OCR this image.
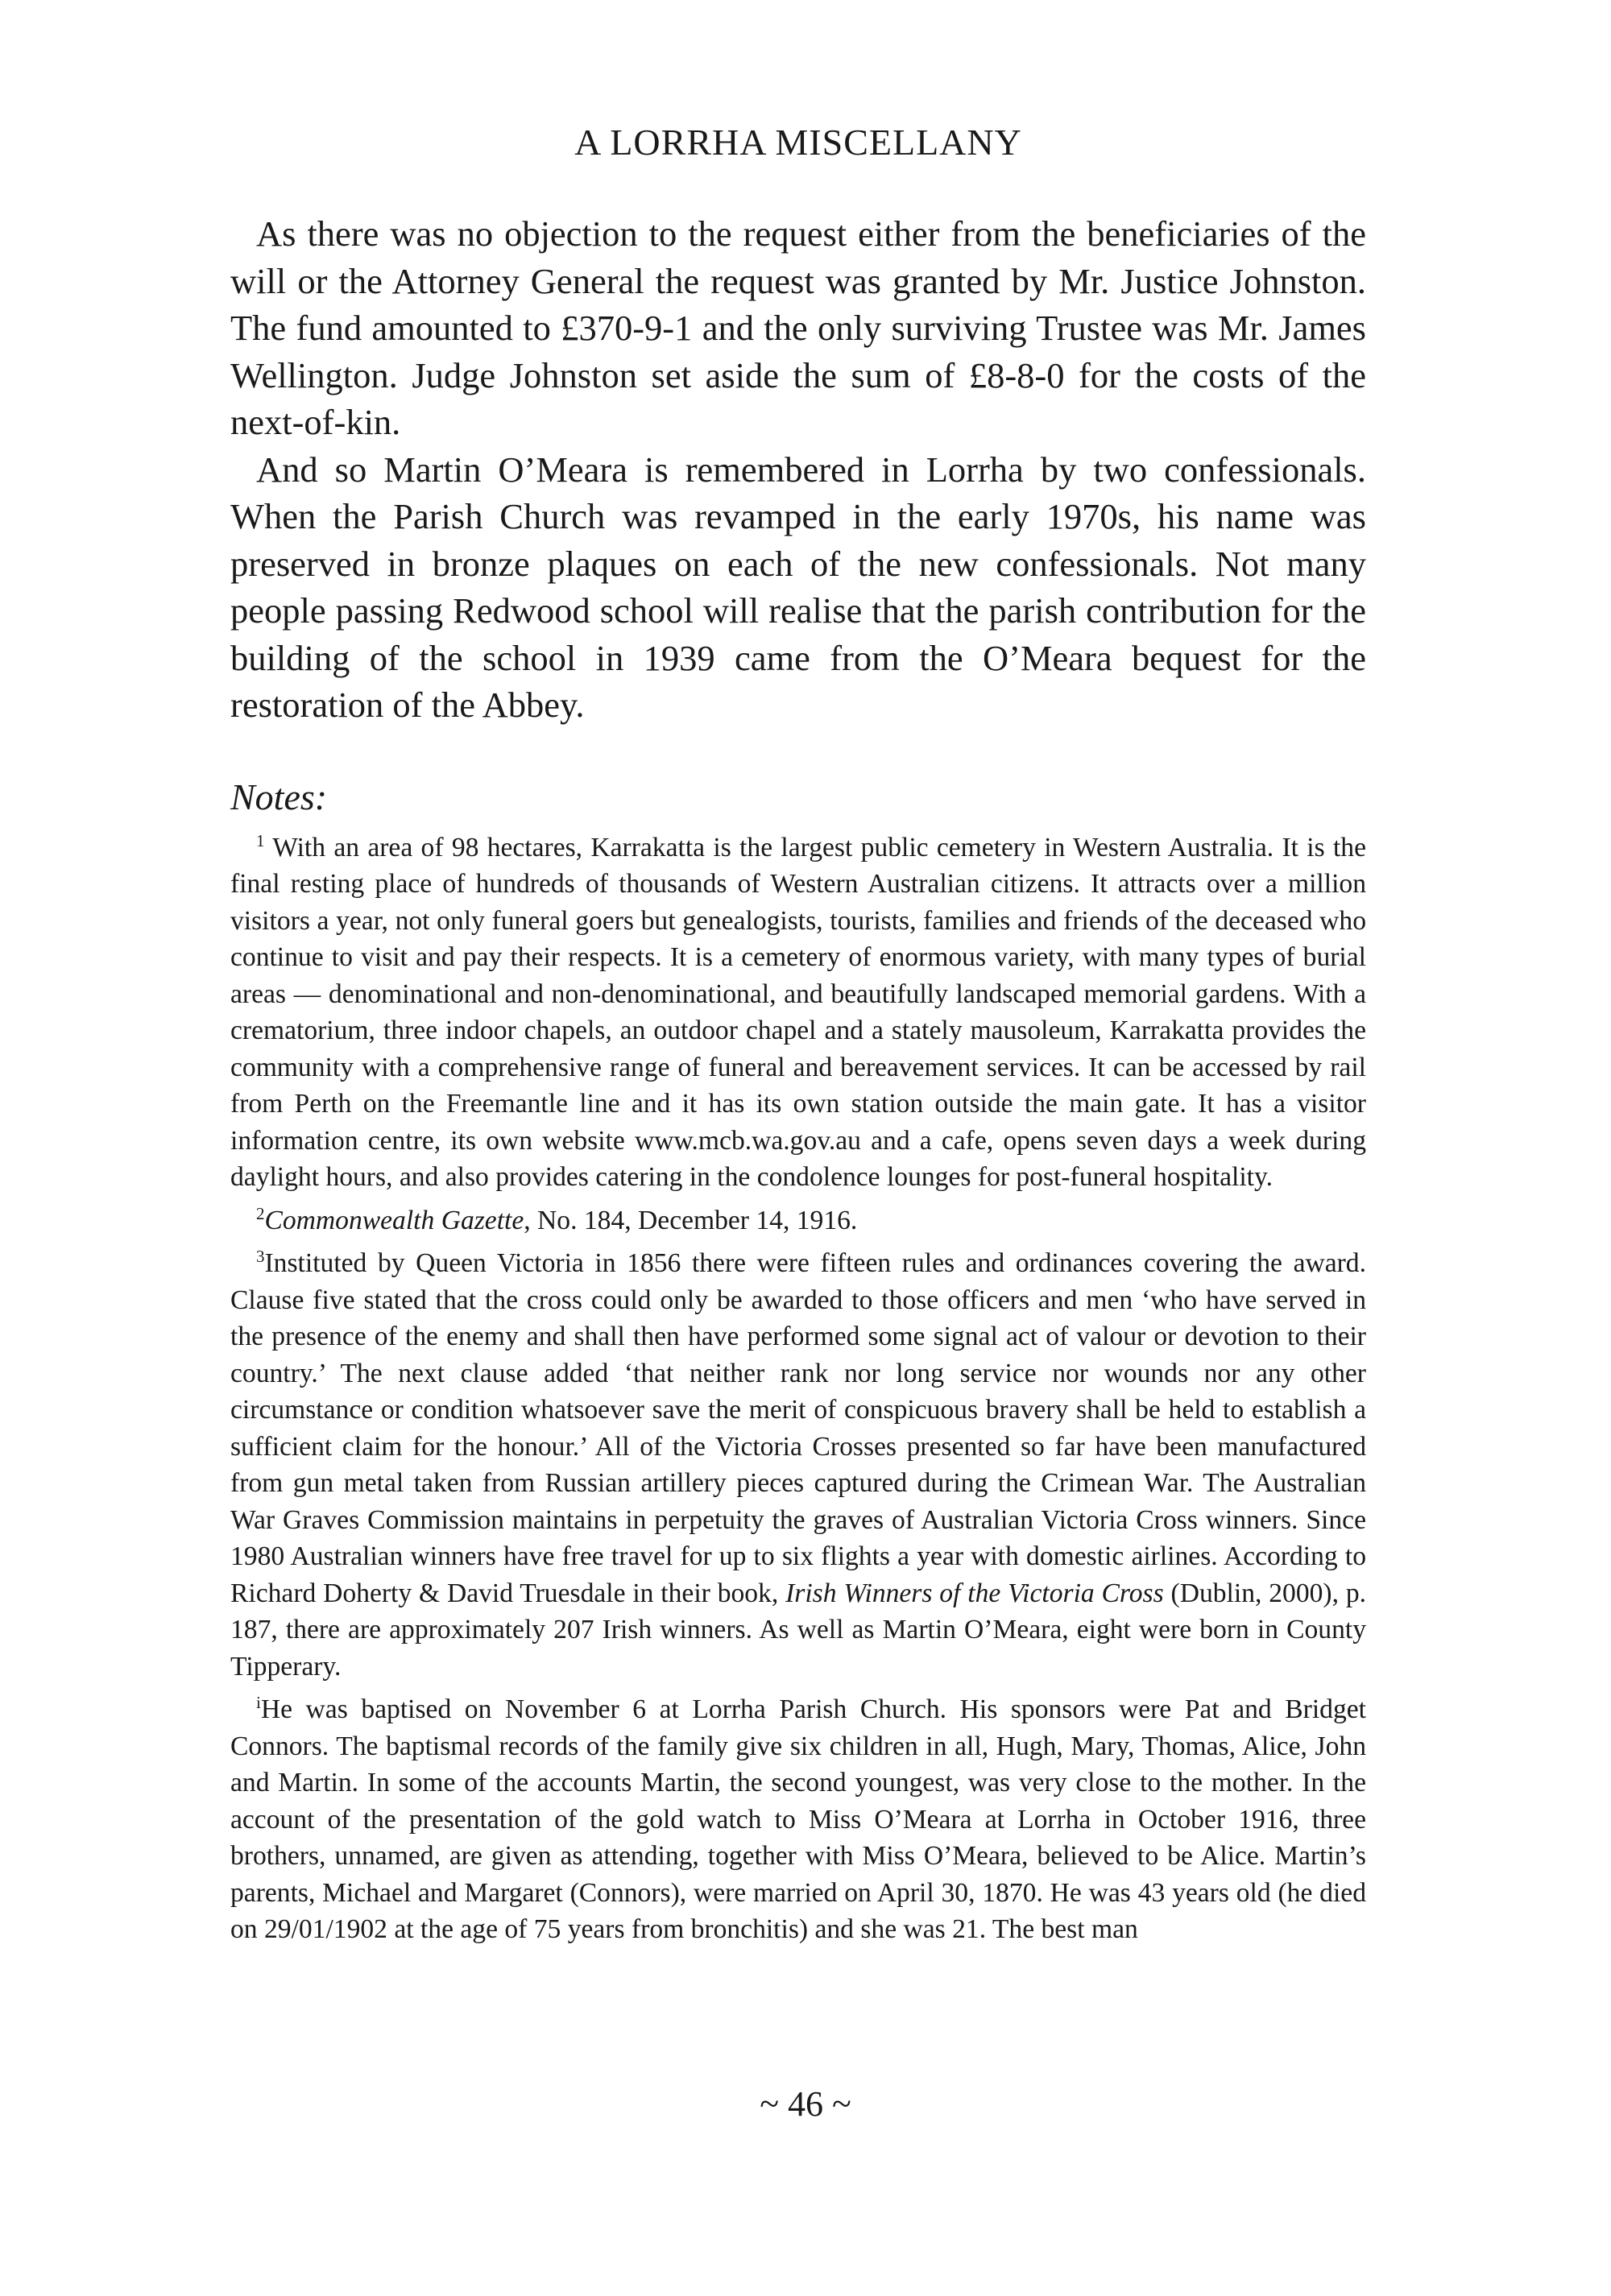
A LORRHA MISCELLANY

As there was no objection to the request either from the beneficiaries of the will or the Attorney General the request was granted by Mr. Justice Johnston. The fund amounted to £370-9-1 and the only surviving Trustee was Mr. James Wellington. Judge Johnston set aside the sum of £8-8-0 for the costs of the next-of-kin.

And so Martin O’Meara is remembered in Lorrha by two confessionals. When the Parish Church was revamped in the early 1970s, his name was preserved in bronze plaques on each of the new confessionals. Not many people passing Redwood school will realise that the parish contribution for the building of the school in 1939 came from the O’Meara bequest for the restoration of the Abbey.

Notes:

$^1$ With an area of 98 hectares, Karrakatta is the largest public cemetery in Western Australia. It is the final resting place of hundreds of thousands of Western Australian citizens. It attracts over a million visitors a year, not only funeral goers but genealogists, tourists, families and friends of the deceased who continue to visit and pay their respects. It is a cemetery of enormous variety, with many types of burial areas — denominational and non-denominational, and beautifully landscaped memorial gardens. With a crematorium, three indoor chapels, an outdoor chapel and a stately mausoleum, Karrakatta provides the community with a comprehensive range of funeral and bereavement services. It can be accessed by rail from Perth on the Freemantle line and it has its own station outside the main gate. It has a visitor information centre, its own website www.mcb.wa.gov.au and a cafe, opens seven days a week during daylight hours, and also provides catering in the condolence lounges for post-funeral hospitality.

$^2$Commonwealth Gazette, No. 184, December 14, 1916.

$^3$Instituted by Queen Victoria in 1856 there were fifteen rules and ordinances covering the award. Clause five stated that the cross could only be awarded to those officers and men ‘who have served in the presence of the enemy and shall then have performed some signal act of valour or devotion to their country.’ The next clause added ‘that neither rank nor long service nor wounds nor any other circumstance or condition whatsoever save the merit of conspicuous bravery shall be held to establish a sufficient claim for the honour.’ All of the Victoria Crosses presented so far have been manufactured from gun metal taken from Russian artillery pieces captured during the Crimean War. The Australian War Graves Commission maintains in perpetuity the graves of Australian Victoria Cross winners. Since 1980 Australian winners have free travel for up to six flights a year with domestic airlines. According to Richard Doherty & David Truesdale in their book, Irish Winners of the Victoria Cross (Dublin, 2000), p. 187, there are approximately 207 Irish winners. As well as Martin O’Meara, eight were born in County Tipperary.

$^i$He was baptised on November 6 at Lorrha Parish Church. His sponsors were Pat and Bridget Connors. The baptismal records of the family give six children in all, Hugh, Mary, Thomas, Alice, John and Martin. In some of the accounts Martin, the second youngest, was very close to the mother. In the account of the presentation of the gold watch to Miss O’Meara at Lorrha in October 1916, three brothers, unnamed, are given as attending, together with Miss O’Meara, believed to be Alice. Martin’s parents, Michael and Margaret (Connors), were married on April 30, 1870. He was 43 years old (he died on 29/01/1902 at the age of 75 years from bronchitis) and she was 21. The best man

~ 46 ~
